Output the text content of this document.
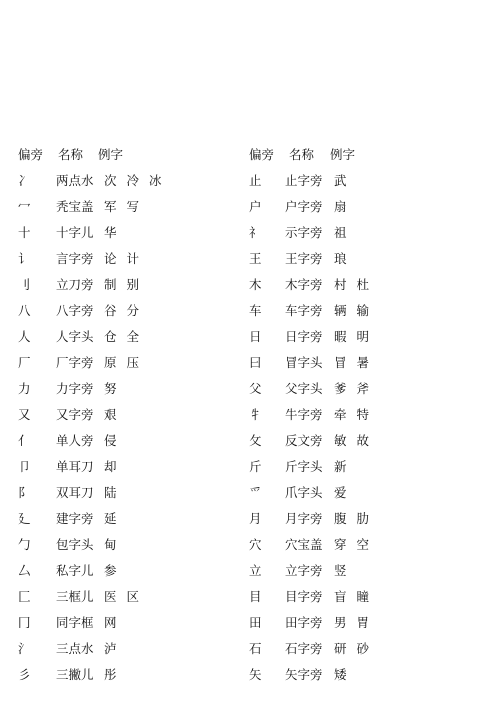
偏旁	名称	例字
冫	两点水 次 冷 冰
冖	秃宝盖 军 写
十	十字儿 华
讠	言字旁 论 计
刂	立刀旁 制 别
八	八字旁 谷 分
人	人字头 仓 全
厂	厂字旁 原 压
力	力字旁 努
又	又字旁 艰
亻	单人旁 侵
卩	单耳刀 却
阝	双耳刀 陆
廴	建字旁 延
勹	包字头 甸
厶	私字儿 参
匚	三框儿 医 区
冂	同字框 网
氵	三点水 泸
彡	三撇儿 彤
偏旁	名称	例字
止	止字旁 武
户	户字旁 扇
礻	示字旁 祖
王	王字旁 琅
木	木字旁 村 杜
车	车字旁 辆 输
日	日字旁 暇 明
曰	冒字头 冒 暑
父	父字头 爹 斧
牜	牛字旁 牵 特
攵	反文旁 敏 故
斤	斤字头 新
爫	爪字头 爱
月	月字旁 腹 肋
穴	穴宝盖 穿 空
立	立字旁 竖
目	目字旁 盲 瞳
田	田字旁 男 胃
石	石字旁 研 砂
矢	矢字旁 矮
